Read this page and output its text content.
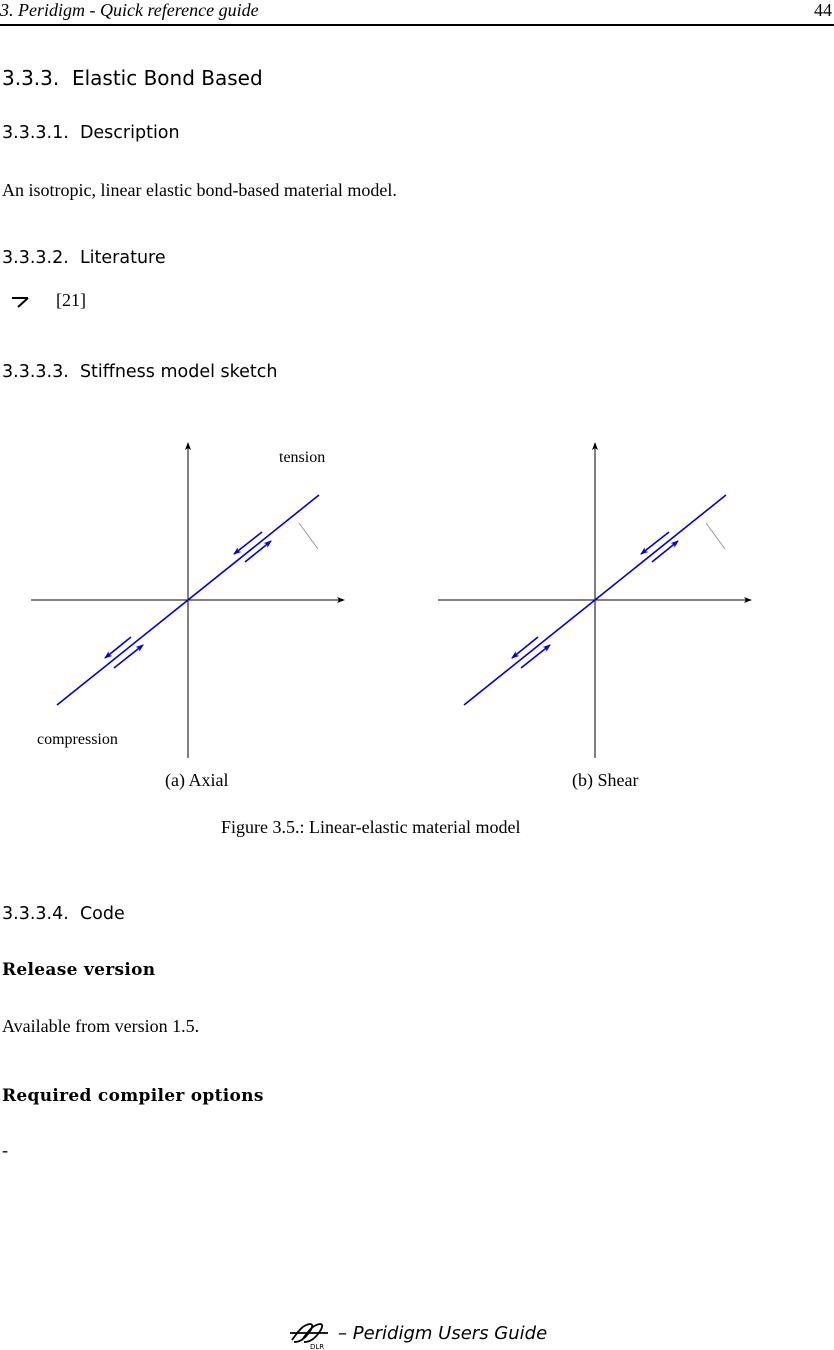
3. Peridigm - Quick reference guide	44
3.3.3. Elastic Bond Based
3.3.3.1. Description
An isotropic, linear elastic bond-based material model.
3.3.3.2. Literature
[21]
3.3.3.3. Stiffness model sketch
tension
compression
(a) Axial	(b) Shear
Figure 3.5.: Linear-elastic material model
3.3.3.4. Code
Release version
Available from version 1.5.
Required compiler options
-
DLR
– Peridigm Users Guide
